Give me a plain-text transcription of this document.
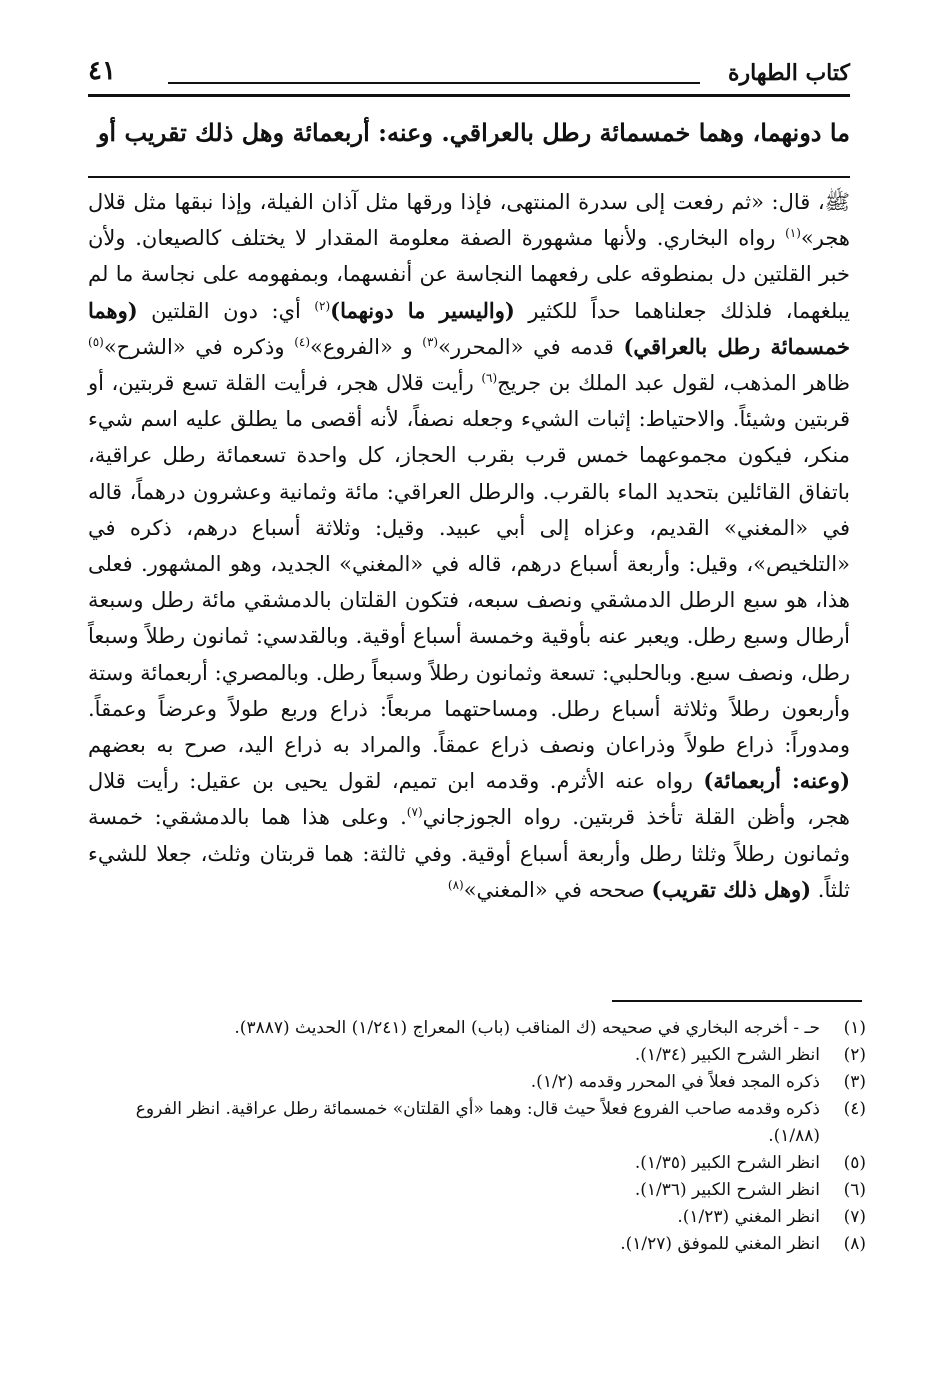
كتاب الطهارة
٤١
ما دونهما، وهما خمسمائة رطل بالعراقي. وعنه: أربعمائة وهل ذلك تقريب أو

ﷺ، قال: «ثم رفعت إلى سدرة المنتهى، فإذا ورقها مثل آذان الفيلة، وإذا نبقها مثل قلال هجر»$^{(١)}$ رواه البخاري. ولأنها مشهورة الصفة معلومة المقدار لا يختلف كالصيعان. ولأن خبر القلتين دل بمنطوقه على رفعهما النجاسة عن أنفسهما، وبمفهومه على نجاسة ما لم يبلغهما، فلذلك جعلناهما حداً للكثير (واليسير ما دونهما)$^{(٢)}$ أي: دون القلتين (وهما خمسمائة رطل بالعراقي) قدمه في «المحرر»$^{(٣)}$ و «الفروع»$^{(٤)}$ وذكره في «الشرح»$^{(٥)}$ ظاهر المذهب، لقول عبد الملك بن جريج$^{(٦)}$ رأيت قلال هجر، فرأيت القلة تسع قربتين، أو قربتين وشيئاً. والاحتياط: إثبات الشيء وجعله نصفاً، لأنه أقصى ما يطلق عليه اسم شيء منكر، فيكون مجموعهما خمس قرب بقرب الحجاز، كل واحدة تسعمائة رطل عراقية، باتفاق القائلين بتحديد الماء بالقرب. والرطل العراقي: مائة وثمانية وعشرون درهماً، قاله في «المغني» القديم، وعزاه إلى أبي عبيد. وقيل: وثلاثة أسباع درهم، ذكره في «التلخيص»، وقيل: وأربعة أسباع درهم، قاله في «المغني» الجديد، وهو المشهور. فعلى هذا، هو سبع الرطل الدمشقي ونصف سبعه، فتكون القلتان بالدمشقي مائة رطل وسبعة أرطال وسبع رطل. ويعبر عنه بأوقية وخمسة أسباع أوقية. وبالقدسي: ثمانون رطلاً وسبعاً رطل، ونصف سبع. وبالحلبي: تسعة وثمانون رطلاً وسبعاً رطل. وبالمصري: أربعمائة وستة وأربعون رطلاً وثلاثة أسباع رطل. ومساحتهما مربعاً: ذراع وربع طولاً وعرضاً وعمقاً. ومدوراً: ذراع طولاً وذراعان ونصف ذراع عمقاً. والمراد به ذراع اليد، صرح به بعضهم (وعنه: أربعمائة) رواه عنه الأثرم. وقدمه ابن تميم، لقول يحيى بن عقيل: رأيت قلال هجر، وأظن القلة تأخذ قربتين. رواه الجوزجاني$^{(٧)}$. وعلى هذا هما بالدمشقي: خمسة وثمانون رطلاً وثلثا رطل وأربعة أسباع أوقية. وفي ثالثة: هما قربتان وثلث، جعلا للشيء ثلثاً. (وهل ذلك تقريب) صححه في «المغني»$^{(٨)}$

(١)
حـ - أخرجه البخاري في صحيحه (ك المناقب (باب) المعراج (١/٢٤١) الحديث (٣٨٨٧).
(٢)
انظر الشرح الكبير (١/٣٤).
(٣)
ذكره المجد فعلاً في المحرر وقدمه (١/٢).
(٤)
ذكره وقدمه صاحب الفروع فعلاً حيث قال: وهما «أي القلتان» خمسمائة رطل عراقية. انظر الفروع (١/٨٨).
(٥)
انظر الشرح الكبير (١/٣٥).
(٦)
انظر الشرح الكبير (١/٣٦).
(٧)
انظر المغني (١/٢٣).
(٨)
انظر المغني للموفق (١/٢٧).
